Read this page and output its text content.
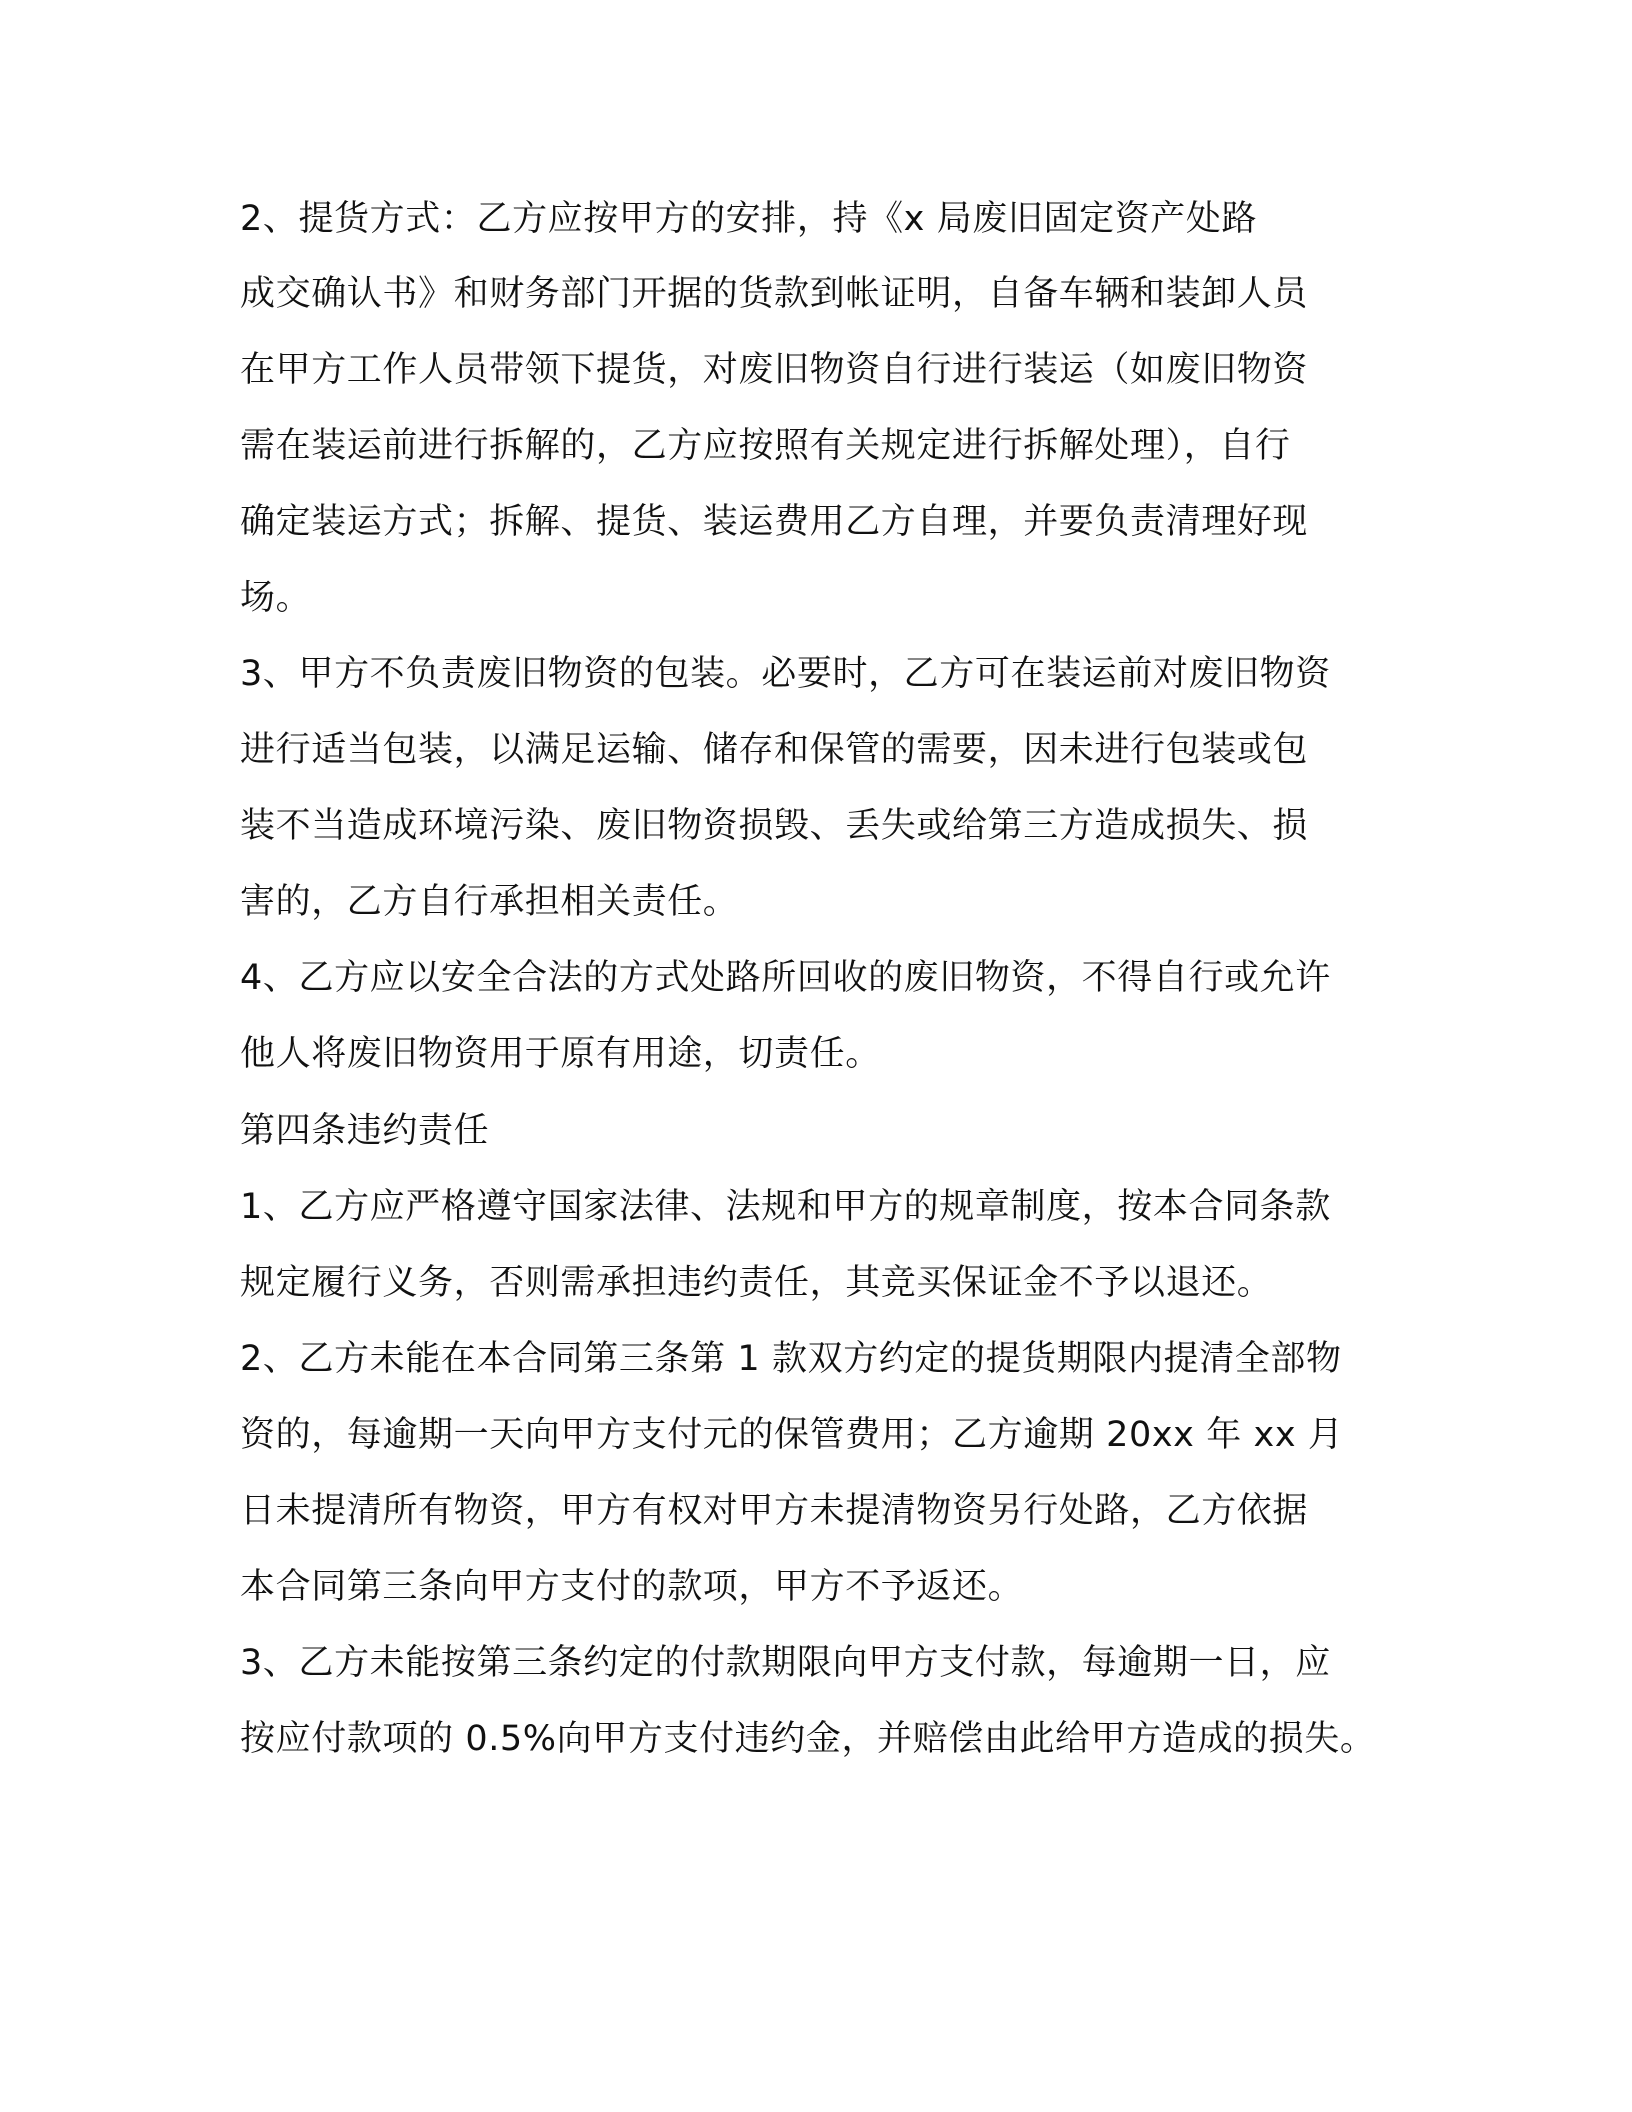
2、提货方式：乙方应按甲方的安排，持《x 局废旧固定资产处路
成交确认书》和财务部门开据的货款到帐证明，自备车辆和装卸人员
在甲方工作人员带领下提货，对废旧物资自行进行装运（如废旧物资
需在装运前进行拆解的，乙方应按照有关规定进行拆解处理），自行
确定装运方式；拆解、提货、装运费用乙方自理，并要负责清理好现
场。
3、甲方不负责废旧物资的包装。必要时，乙方可在装运前对废旧物资
进行适当包装，以满足运输、储存和保管的需要，因未进行包装或包
装不当造成环境污染、废旧物资损毁、丢失或给第三方造成损失、损
害的，乙方自行承担相关责任。
4、乙方应以安全合法的方式处路所回收的废旧物资，不得自行或允许
他人将废旧物资用于原有用途，切责任。
第四条违约责任
1、乙方应严格遵守国家法律、法规和甲方的规章制度，按本合同条款
规定履行义务，否则需承担违约责任，其竞买保证金不予以退还。
2、乙方未能在本合同第三条第 1 款双方约定的提货期限内提清全部物
资的，每逾期一天向甲方支付元的保管费用；乙方逾期 20xx 年 xx 月
日未提清所有物资，甲方有权对甲方未提清物资另行处路，乙方依据
本合同第三条向甲方支付的款项，甲方不予返还。
3、乙方未能按第三条约定的付款期限向甲方支付款，每逾期一日，应
按应付款项的 0.5%向甲方支付违约金，并赔偿由此给甲方造成的损失。
